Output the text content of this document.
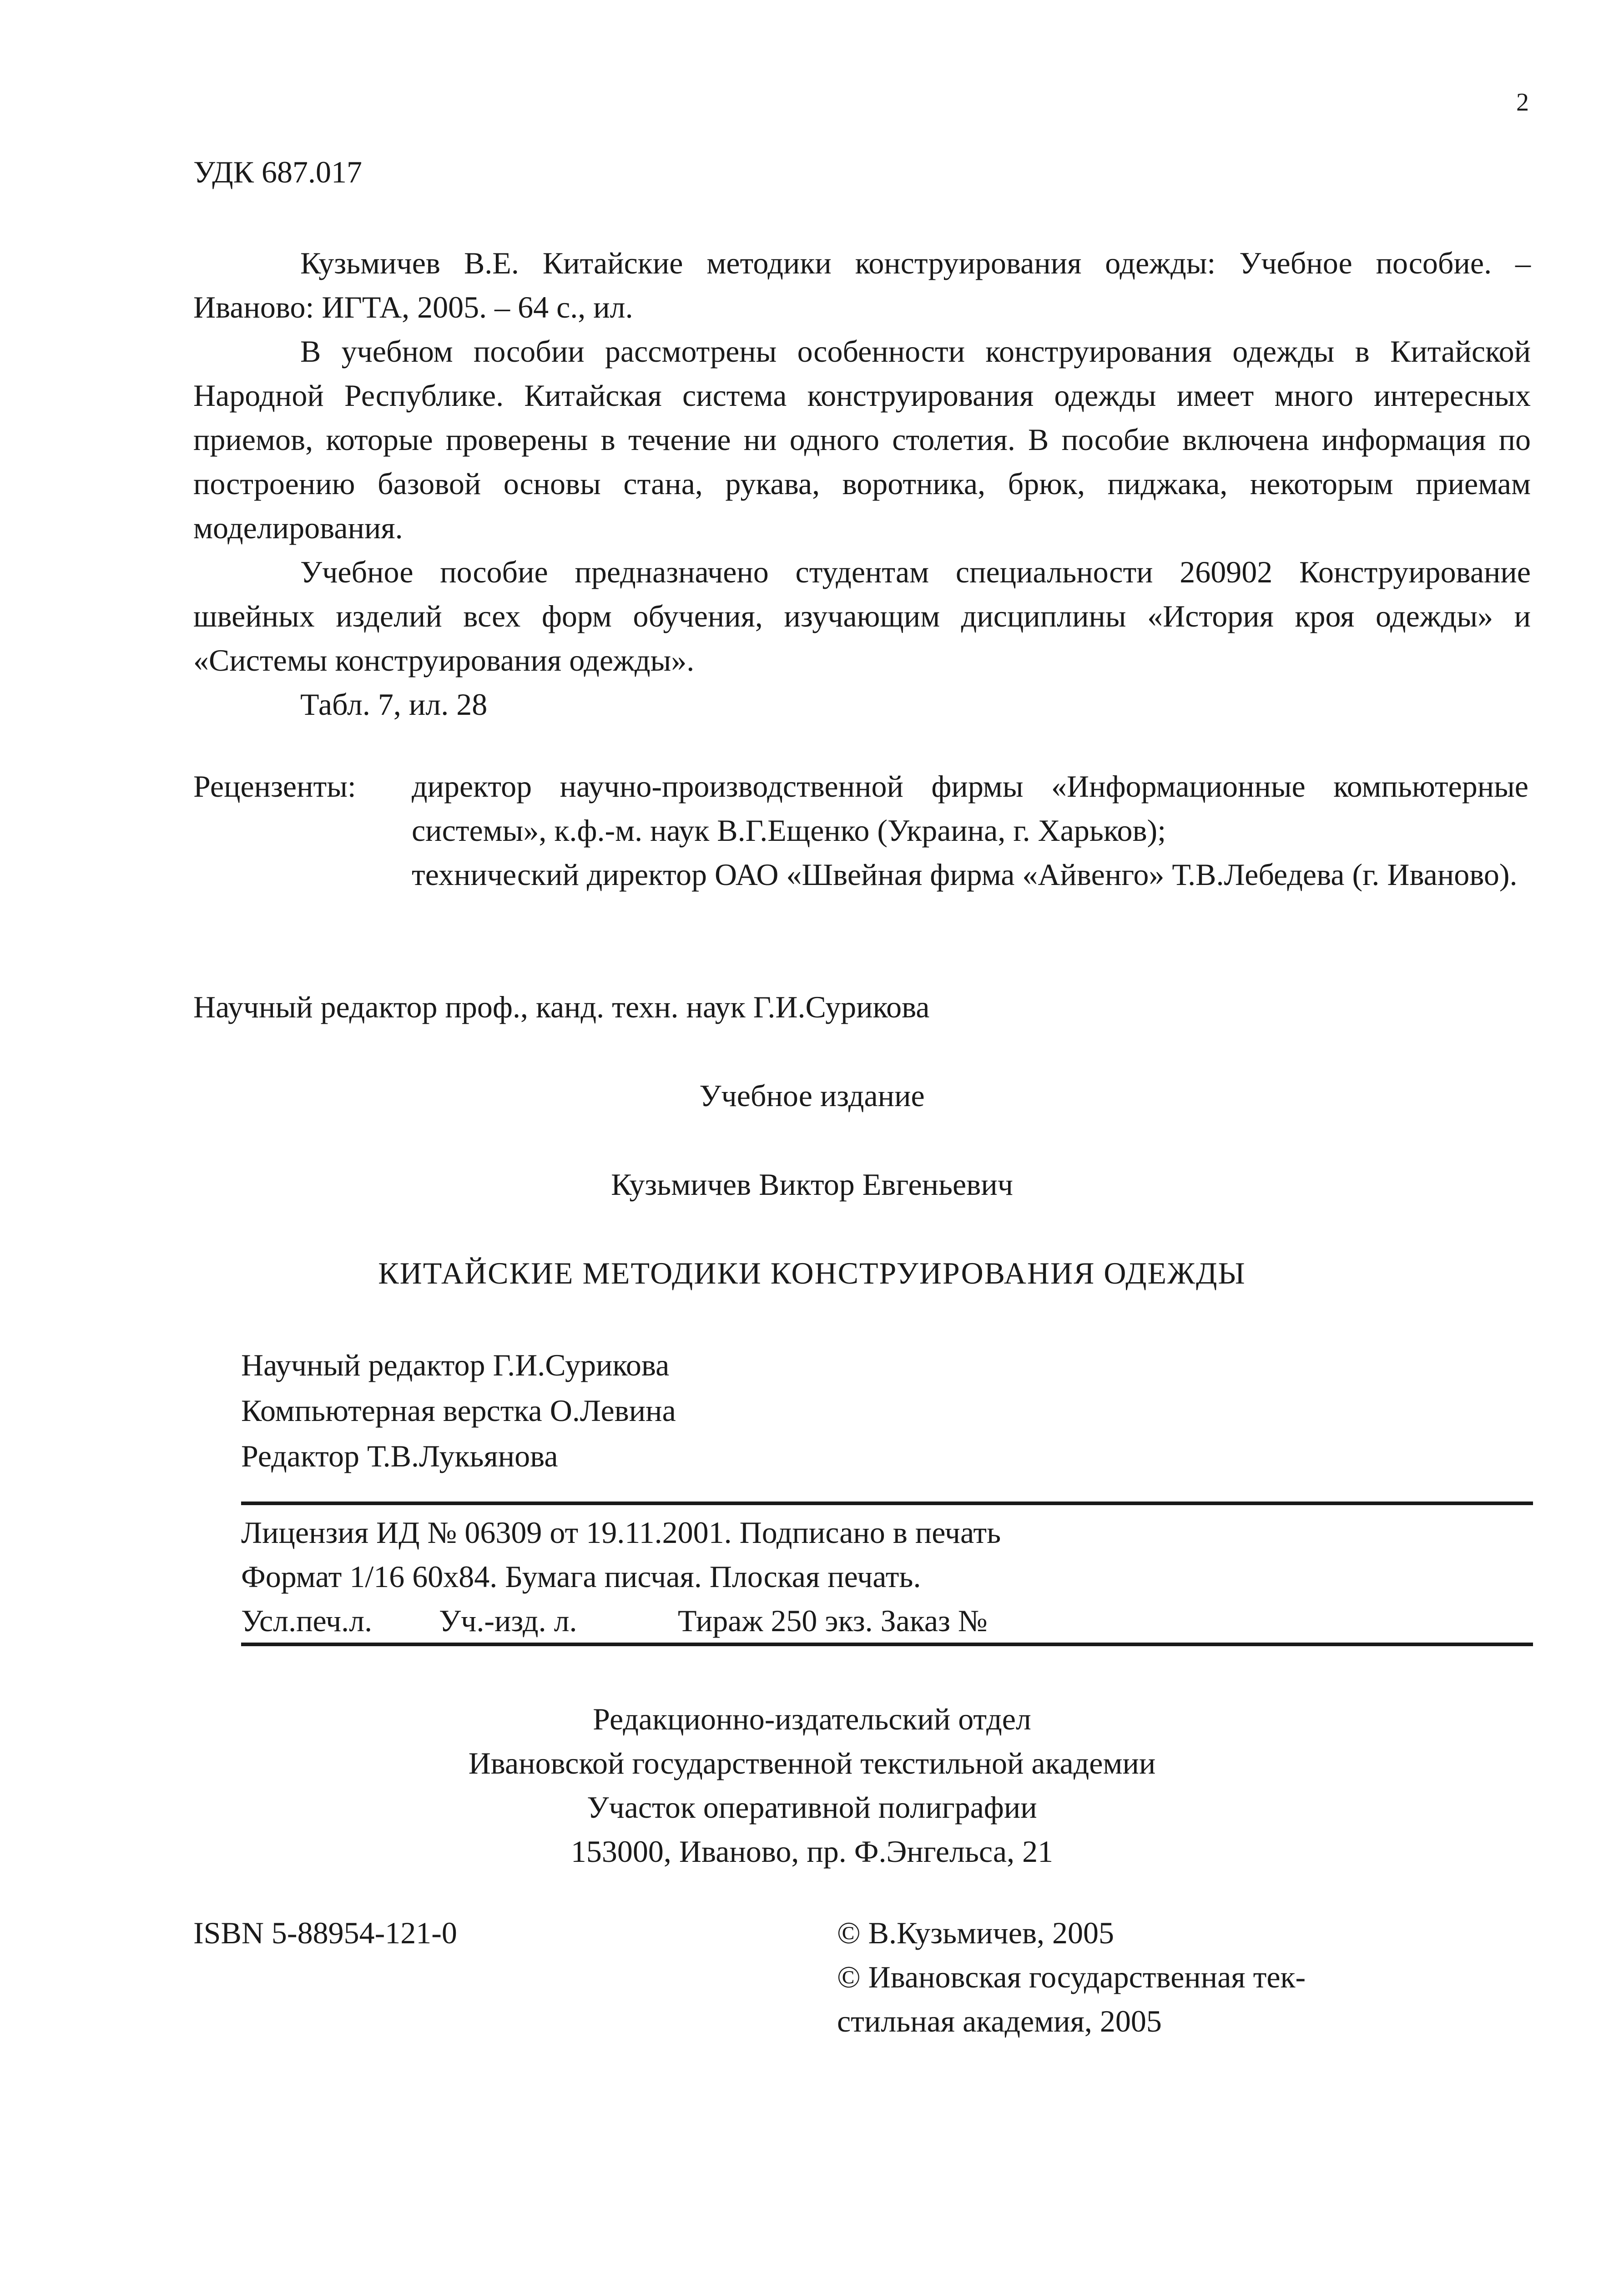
2
УДК 687.017

Кузьмичев В.Е. Китайские методики конструирования одежды: Учебное пособие. – Иваново: ИГТА, 2005. – 64 с., ил.

В учебном пособии рассмотрены особенности конструирования одежды в Китайской Народной Республике. Китайская система конструирования одежды имеет много интересных приемов, которые проверены в течение ни одного столетия. В пособие включена информация по построению базовой основы стана, рукава, воротника, брюк, пиджака, некоторым приемам моделирования.

Учебное пособие предназначено студентам специальности 260902 Конструирование швейных изделий всех форм обучения, изучающим дисциплины «История кроя одежды» и «Системы конструирования одежды».

Табл. 7, ил. 28

Рецензенты: директор научно-производственной фирмы «Информационные компьютерные системы», к.ф.-м. наук В.Г.Ещенко (Украина, г. Харьков);

технический директор ОАО «Швейная фирма «Айвенго» Т.В.Лебедева (г. Иваново).

Научный редактор проф., канд. техн. наук Г.И.Сурикова
Учебное издание
Кузьмичев Виктор Евгеньевич
КИТАЙСКИЕ МЕТОДИКИ КОНСТРУИРОВАНИЯ ОДЕЖДЫ
Научный редактор Г.И.Сурикова
Компьютерная верстка О.Левина
Редактор Т.В.Лукьянова
Лицензия ИД № 06309 от 19.11.2001. Подписано в печать
Формат 1/16 60х84. Бумага писчая. Плоская печать.
Усл.печ.л. Уч.-изд. л.	Тираж 250 экз. Заказ №
Редакционно-издательский отдел
Ивановской государственной текстильной академии
Участок оперативной полиграфии
153000, Иваново, пр. Ф.Энгельса, 21
ISBN 5-88954-121-0	© В.Кузьмичев, 2005
© Ивановская государственная тек-
стильная академия, 2005
